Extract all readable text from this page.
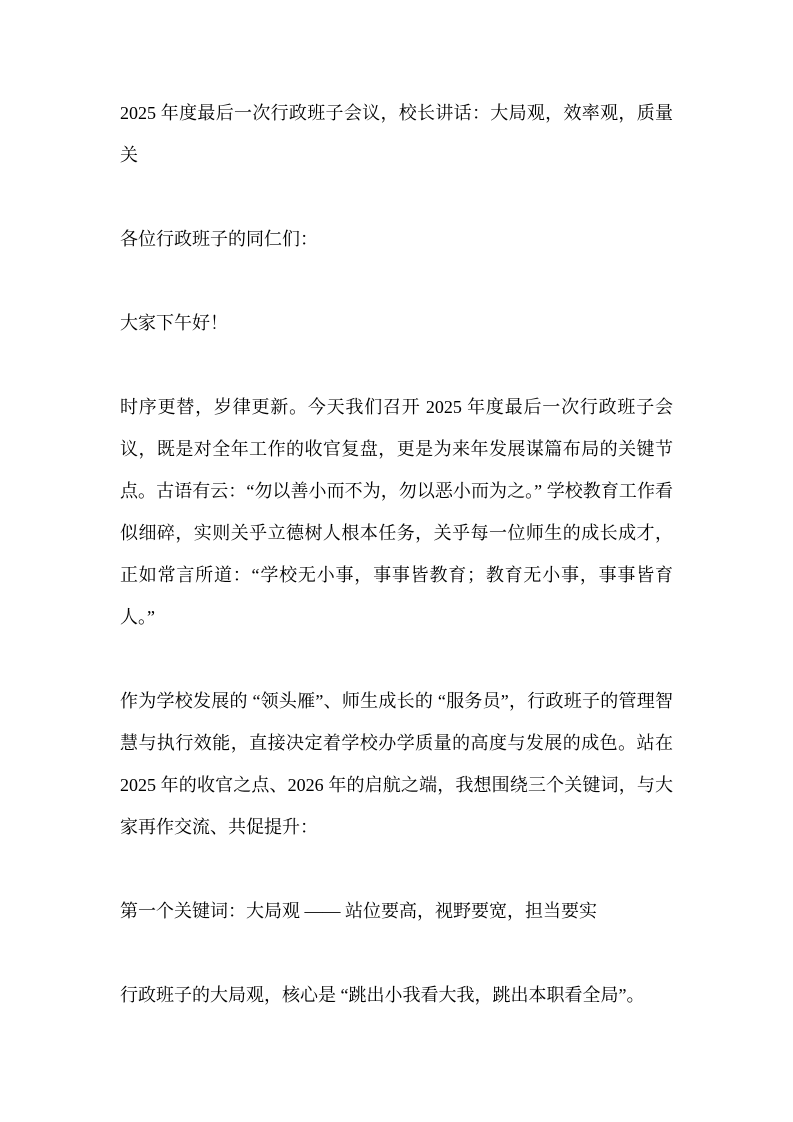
2025 年度最后一次行政班子会议，校长讲话：大局观，效率观，质量关

各位行政班子的同仁们：

大家下午好！

时序更替，岁律更新。今天我们召开 2025 年度最后一次行政班子会议，既是对全年工作的收官复盘，更是为来年发展谋篇布局的关键节点。古语有云：“勿以善小而不为，勿以恶小而为之。” 学校教育工作看似细碎，实则关乎立德树人根本任务，关乎每一位师生的成长成才，正如常言所道：“学校无小事，事事皆教育；教育无小事，事事皆育人。”

作为学校发展的 “领头雁”、师生成长的 “服务员”，行政班子的管理智慧与执行效能，直接决定着学校办学质量的高度与发展的成色。站在 2025 年的收官之点、2026 年的启航之端，我想围绕三个关键词，与大家再作交流、共促提升：

第一个关键词：大局观 —— 站位要高，视野要宽，担当要实

行政班子的大局观，核心是 “跳出小我看大我，跳出本职看全局”。
